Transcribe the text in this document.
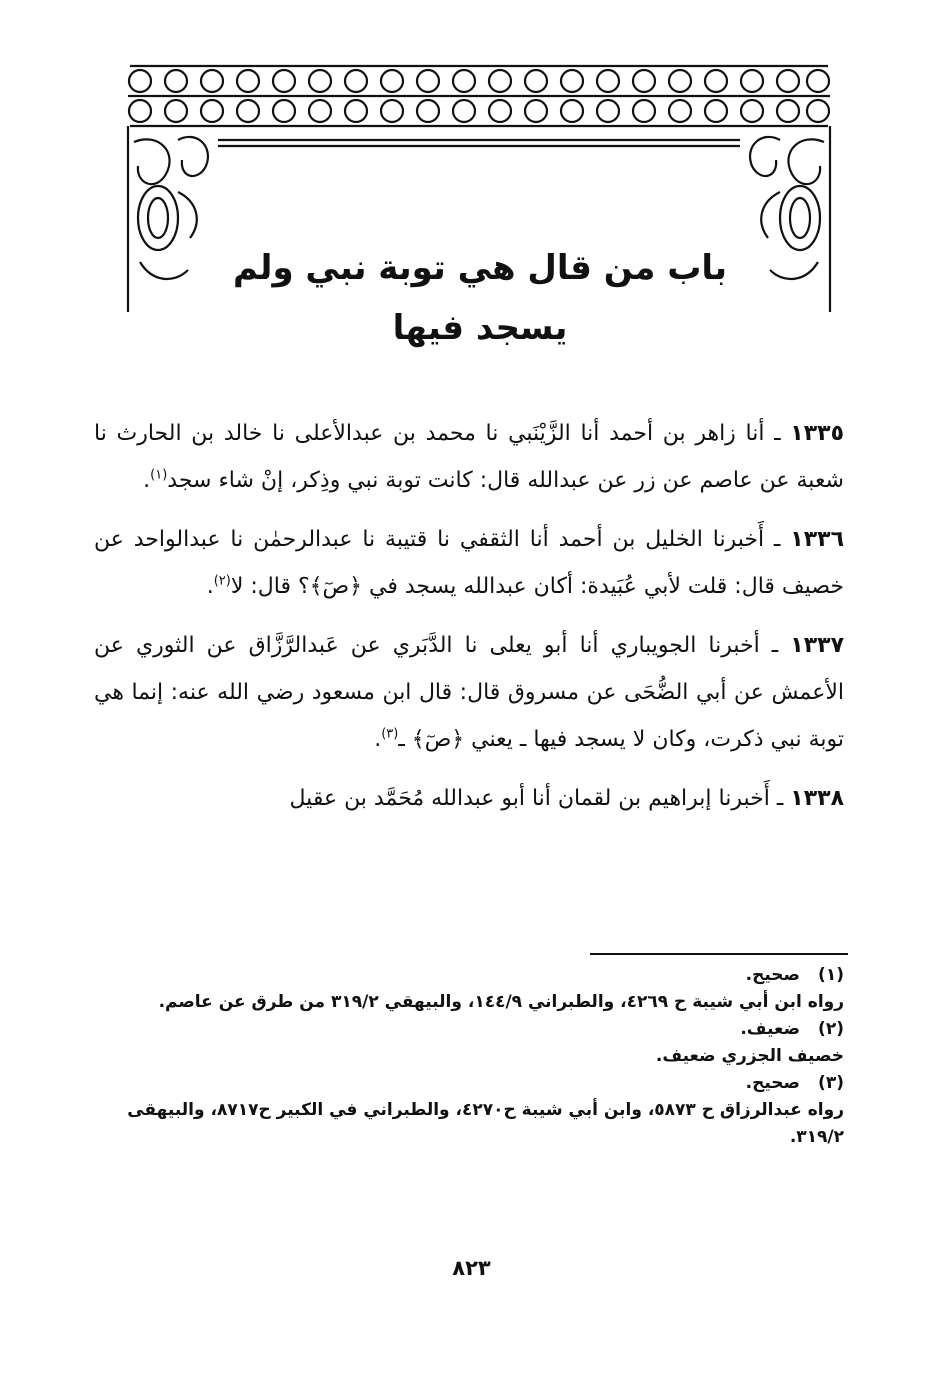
باب من قال هي توبة نبي ولم يسجد فيها

١٣٣٥ ـ أنا زاهر بن أحمد أنا الزَّيْنَبي نا محمد بن عبدالأعلى نا خالد بن الحارث نا شعبة عن عاصم عن زر عن عبدالله قال: كانت توبة نبي وذِكر، إنْ شاء سجد$^{(١)}$.

١٣٣٦ ـ أَخبرنا الخليل بن أحمد أنا الثقفي نا قتيبة نا عبدالرحمٰن نا عبدالواحد عن خصيف قال: قلت لأبي عُبَيدة: أكان عبدالله يسجد في ﴿صٓ﴾؟ قال: لا$^{(٢)}$.

١٣٣٧ ـ أخبرنا الجويباري أنا أبو يعلى نا الدَّبَري عن عَبدالرَّزَّاق عن الثوري عن الأعمش عن أبي الضُّحَى عن مسروق قال: قال ابن مسعود رضي الله عنه: إنما هي توبة نبي ذكرت، وكان لا يسجد فيها ـ يعني ﴿صٓ﴾ ـ$^{(٣)}$.

١٣٣٨ ـ أَخبرنا إبراهيم بن لقمان أنا أبو عبدالله مُحَمَّد بن عقيل

(١)صحيح.

رواه ابن أبي شيبة ح ٤٢٦٩، والطبراني ١٤٤/٩، والبيهقي ٣١٩/٢ من طرق عن عاصم.

(٢)ضعيف.

خصيف الجزري ضعيف.

(٣)صحيح.

رواه عبدالرزاق ح ٥٨٧٣، وابن أبي شيبة ح٤٢٧٠، والطبراني في الكبير ح٨٧١٧، والبيهقى ٣١٩/٢.

٨٢٣
